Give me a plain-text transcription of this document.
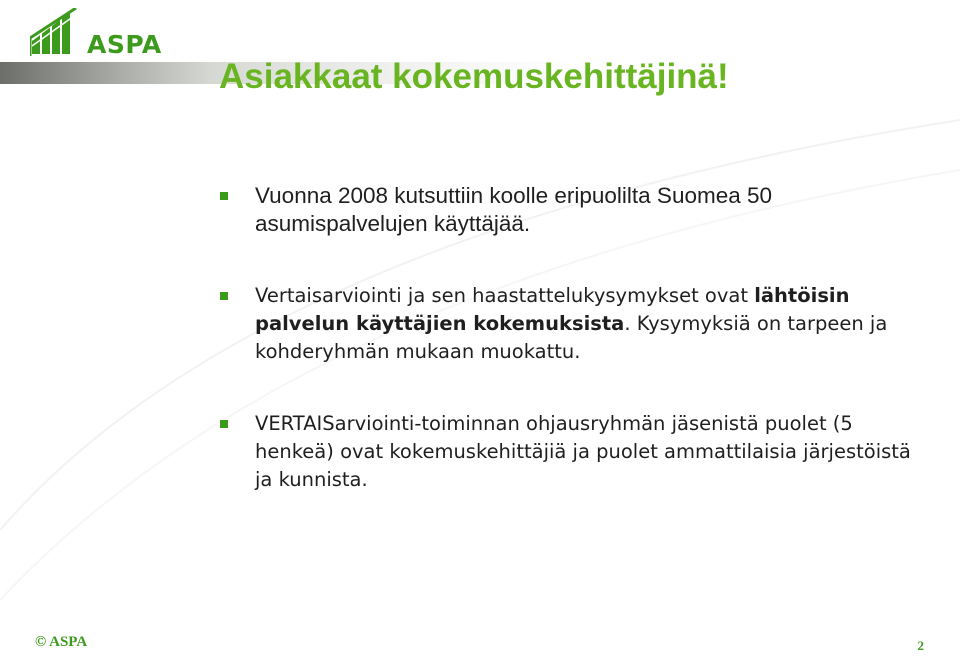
ASPA
Asiakkaat kokemuskehittäjinä!
Vuonna 2008 kutsuttiin koolle eripuolilta Suomea 50 asumispalvelujen käyttäjää.
Vertaisarviointi ja sen haastattelukysymykset ovat lähtöisin palvelun käyttäjien kokemuksista. Kysymyksiä on tarpeen ja kohderyhmän mukaan muokattu.
VERTAISarviointi-toiminnan ohjausryhmän jäsenistä puolet (5 henkeä) ovat kokemuskehittäjiä ja puolet ammattilaisia järjestöistä ja kunnista.
© ASPA	2
